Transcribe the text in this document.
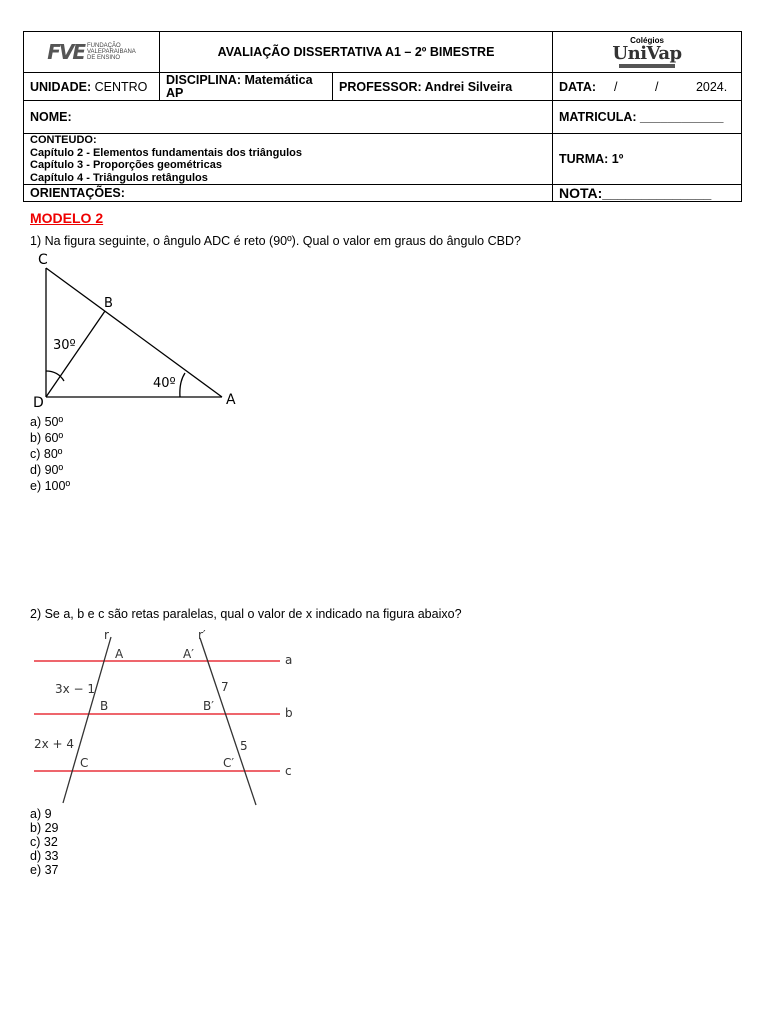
FVE FUNDAÇÃO
VALEPARAIBANA
DE ENSINO	AVALIAÇÃO DISSERTATIVA A1 – 2º BIMESTRE		Colégios
UniVap

UNIDADE: CENTRO	DISCIPLINA: Matemática AP	PROFESSOR: Andrei Silveira	DATA: / / 2024.
NOME:			MATRICULA: ____________

CONTEUDO:
Capítulo 2 - Elementos fundamentais dos triângulos
Capítulo 3 - Proporções geométricas
Capítulo 4 - Triângulos retângulos			TURMA: 1º
ORIENTAÇÕES:			NOTA:______________
MODELO 2
1) Na figura seguinte, o ângulo ADC é reto (90º). Qual o valor em graus do ângulo CBD?
C
B
D	A
30º
40º
a) 50º
b) 60º
c) 80º
d) 90º
e) 100º
2) Se a, b e c são retas paralelas, qual o valor de x indicado na figura abaixo?
r	r′
A	A′
B	B′
C	C′
a
b
c
3x − 1
2x + 4
7
5
a) 9
b) 29
c) 32
d) 33
e) 37
